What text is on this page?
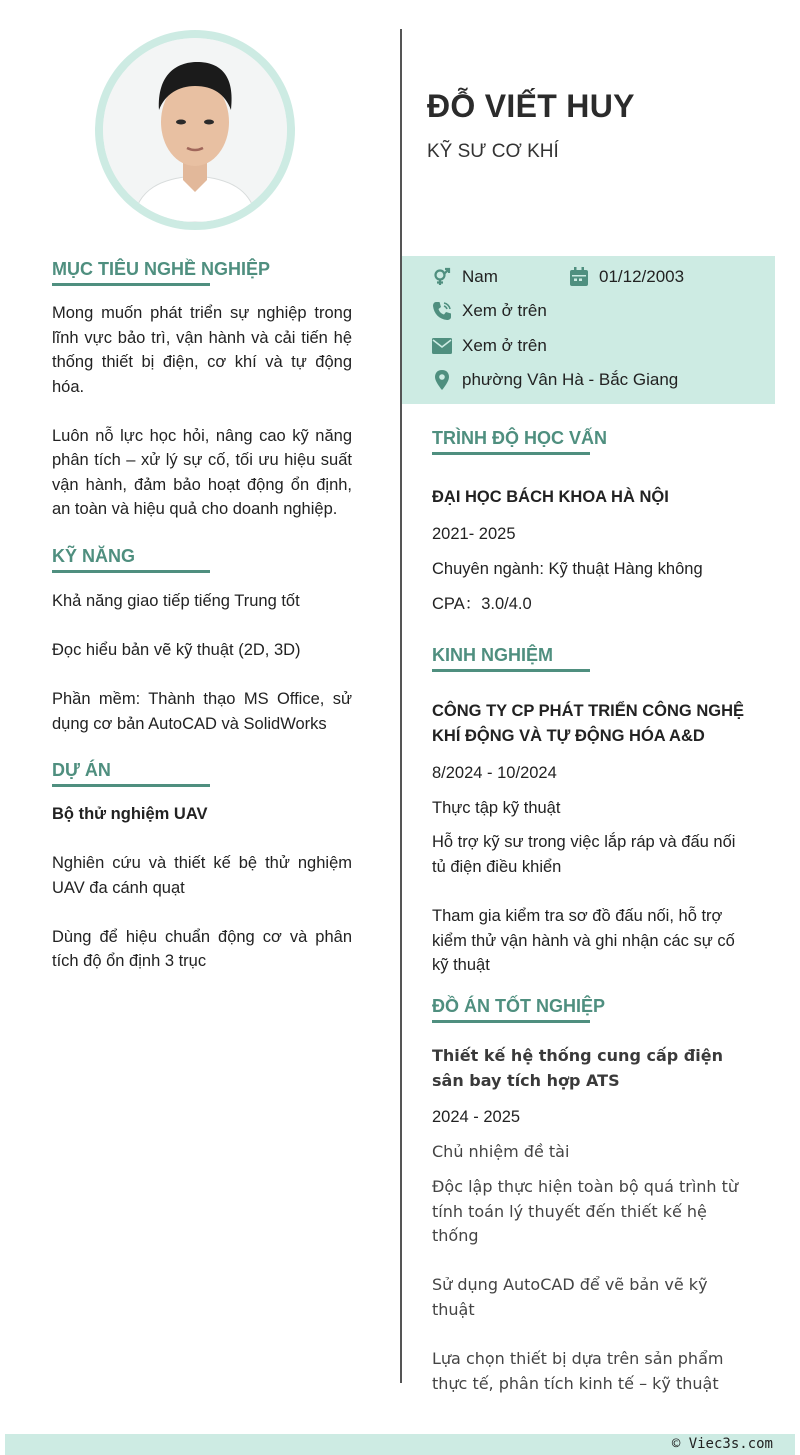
ĐỖ VIẾT HUY
KỸ SƯ CƠ KHÍ
Nam	01/12/2003
Xem ở trên
Xem ở trên
phường Vân Hà - Bắc Giang
MỤC TIÊU NGHỀ NGHIỆP

Mong muốn phát triển sự nghiệp trong lĩnh vực bảo trì, vận hành và cải tiến hệ thống thiết bị điện, cơ khí và tự động hóa.

Luôn nỗ lực học hỏi, nâng cao kỹ năng phân tích – xử lý sự cố, tối ưu hiệu suất vận hành, đảm bảo hoạt động ổn định, an toàn và hiệu quả cho doanh nghiệp.

KỸ NĂNG

Khả năng giao tiếp tiếng Trung tốt

Đọc hiểu bản vẽ kỹ thuật (2D, 3D)

Phần mềm: Thành thạo MS Office, sử dụng cơ bản AutoCAD và SolidWorks

DỰ ÁN

Bộ thử nghiệm UAV

Nghiên cứu và thiết kế bệ thử nghiệm UAV đa cánh quạt

Dùng để hiệu chuẩn động cơ và phân tích độ ổn định 3 trục

TRÌNH ĐỘ HỌC VẤN
ĐẠI HỌC BÁCH KHOA HÀ NỘI
2021- 2025
Chuyên ngành: Kỹ thuật Hàng không
CPA：3.0/4.0
KINH NGHIỆM
CÔNG TY CP PHÁT TRIỂN CÔNG NGHỆ KHÍ ĐỘNG VÀ TỰ ĐỘNG HÓA A&D
8/2024 - 10/2024
Thực tập kỹ thuật
Hỗ trợ kỹ sư trong việc lắp ráp và đấu nối tủ điện điều khiển
Tham gia kiểm tra sơ đồ đấu nối, hỗ trợ kiểm thử vận hành và ghi nhận các sự cố kỹ thuật
ĐỒ ÁN TỐT NGHIỆP
Thiết kế hệ thống cung cấp điện sân bay tích hợp ATS
2024 - 2025
Chủ nhiệm đề tài
Độc lập thực hiện toàn bộ quá trình từ tính toán lý thuyết đến thiết kế hệ thống
Sử dụng AutoCAD để vẽ bản vẽ kỹ thuật
Lựa chọn thiết bị dựa trên sản phẩm thực tế, phân tích kinh tế – kỹ thuật
© Viec3s.com
